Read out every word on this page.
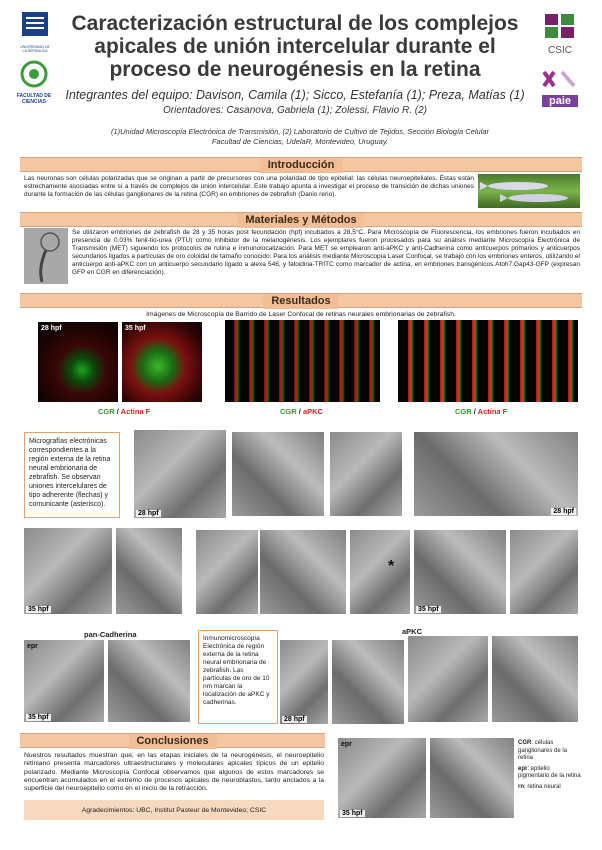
UNIVERSIDAD DE LA REPÚBLICA
FACULTAD DE CIENCIAS
Caracterización estructural de los complejos
apicales de unión intercelular durante el
proceso de neurogénesis en la retina
Integrantes del equipo: Davison, Camila (1); Sicco, Estefanía (1); Preza, Matías (1)
Orientadores: Casanova, Gabriela (1); Zolessi, Flavio R. (2)
(1)Unidad Microscopía Electrónica de Transmisión, (2) Laboratorio de Cultivo de Tejidos, Sección Biología Celular
Facultad de Ciencias, UdelaR, Montevideo, Uruguay.
CSIC
paie
Introducción
Las neuronas son células polarizadas que se originan a partir de precursores con una polaridad de tipo epitelial: las células neuroepiteliales. Éstas están estrechamente asociadas entre sí a través de complejos de unión intercelular. Este trabajo apunta a investigar el proceso de transición de dichas uniones durante la formación de las células ganglionares de la retina (CGR) en embriones de zebrafish (Danio rerio).
Materiales y Métodos
Se utilizaron embriones de zebrafish de 28 y 35 horas post fecundación (hpf) incubados a 28,5°C. Para Microscopía de Fluorescencia, los embriones fueron incubados en presencia de 0.03% fenil-tio-urea (PTU) como inhibidor de la melanogénesis. Los ejemplares fueron procesados para su análisis mediante Microscopía Electrónica de Transmisión (MET) siguiendo los protocolos de rutina e inmunolocalización. Para MET se emplearon anti-aPKC y anti-Cadherina como anticuerpos primarios y anticuerpos secundarios ligados a partículas de oro coloidal de tamaño conocido. Para los análisis mediante Microscopía Laser Confocal, se trabajó con los embriones enteros, utilizando el anticuerpo anti-aPKC con un anticuerpo secundario ligado a alexa 546, y faloidina-TRITC como marcador de actina, en embriones transgénicos Atoh7:Gap43-GFP (expresan GFP en CGR en diferenciación).
Resultados
Imágenes de Microscopía de Barrido de Laser Confocal de retinas neurales embrionarias de zebrafish.
28 hpf	35 hpf
CGR / Actina F	CGR / aPKC	CGR / Actina F
Micrografías electrónicas correspondientes a la región externa de la retina neural embrionaria de zebrafish. Se observan uniones intercelulares de tipo adherente (flechas) y comunicante (asterisco).
28 hpf	28 hpf
35 hpf
*
35 hpf
pan-Cadherina	aPKC
epr
35 hpf
Inmunomicroscopía Electrónica de región externa de la retina neural embrionaria de zebrafish. Las partículas de oro de 10 nm marcan la localización de aPKC y cadherinas.
28 hpf
Conclusiones
Nuestros resultados muestran que, en las etapas iniciales de la neurogénesis, el neuroepitelio retiniano presenta marcadores ultraestructurales y moleculares apicales típicos de un epitelio polarizado. Mediante Microscopía Confocal observamos que algunos de estos marcadores se encuentran acumulados en el extremo de procesos apicales de neuroblastos, tanto anclados a la superficie del neuroepitelio como en el inicio de la retracción.
Agradecimientos: UBC, Institut Pasteur de Montevideo; CSIC
epr
35 hpf
CGR: células ganglionares de la retina
epr: epitelio pigmentario de la retina
rn: retina neural
